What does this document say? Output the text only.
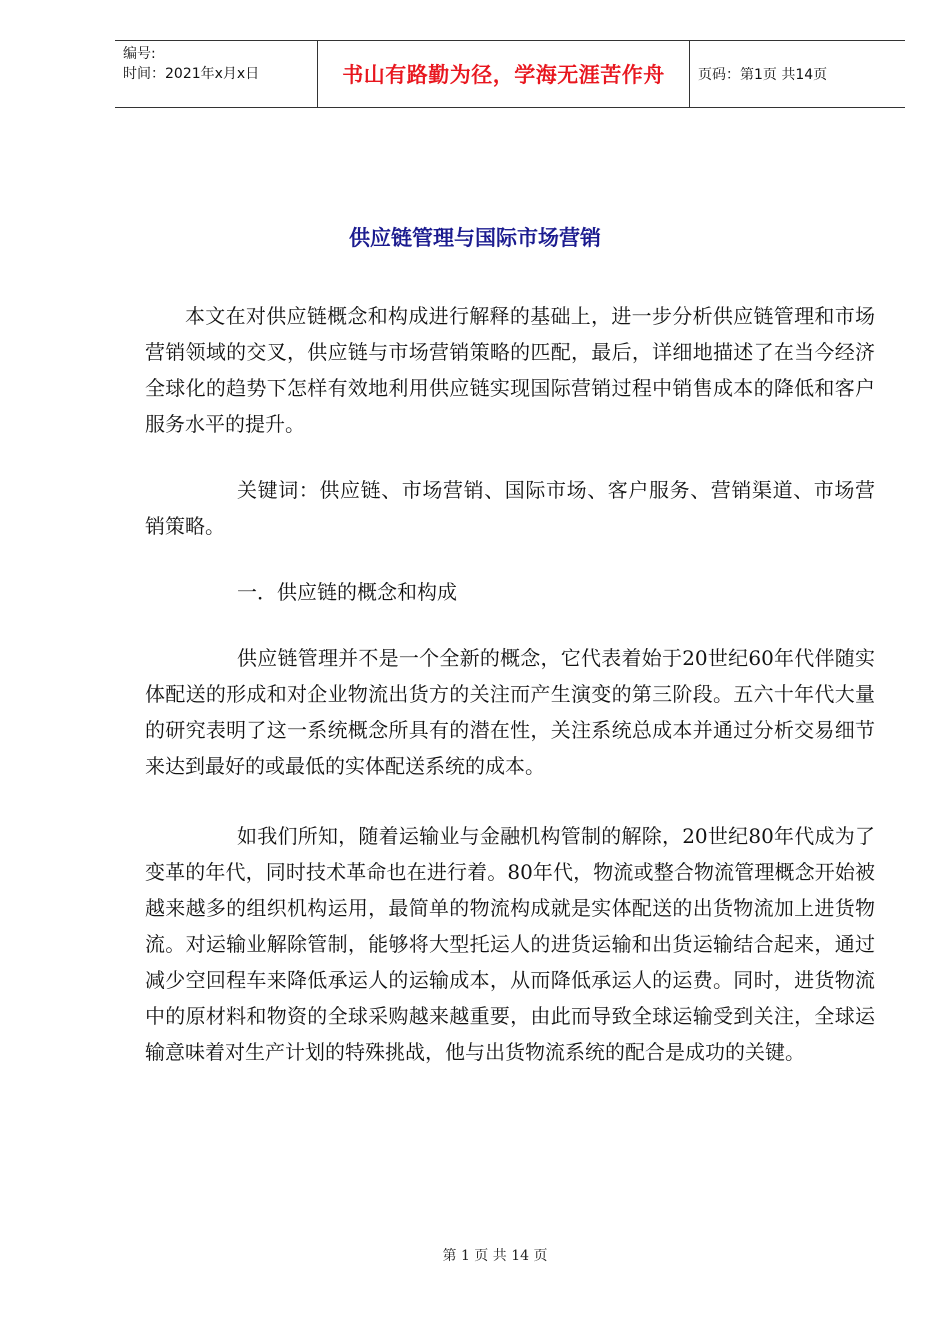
编号:
时间：2021年x月x日	书山有路勤为径，学海无涯苦作舟	页码：第1页 共14页
供应链管理与国际市场营销

本文在对供应链概念和构成进行解释的基础上，进一步分析供应链管理和市场营销领域的交叉，供应链与市场营销策略的匹配，最后，详细地描述了在当今经济全球化的趋势下怎样有效地利用供应链实现国际营销过程中销售成本的降低和客户服务水平的提升。

关键词：供应链、市场营销、国际市场、客户服务、营销渠道、市场营销策略。

一．供应链的概念和构成

供应链管理并不是一个全新的概念，它代表着始于20世纪60年代伴随实体配送的形成和对企业物流出货方的关注而产生演变的第三阶段。五六十年代大量的研究表明了这一系统概念所具有的潜在性，关注系统总成本并通过分析交易细节来达到最好的或最低的实体配送系统的成本。

如我们所知，随着运输业与金融机构管制的解除，20世纪80年代成为了变革的年代，同时技术革命也在进行着。80年代，物流或整合物流管理概念开始被越来越多的组织机构运用，最简单的物流构成就是实体配送的出货物流加上进货物流。对运输业解除管制，能够将大型托运人的进货运输和出货运输结合起来，通过减少空回程车来降低承运人的运输成本，从而降低承运人的运费。同时，进货物流中的原材料和物资的全球采购越来越重要，由此而导致全球运输受到关注，全球运输意味着对生产计划的特殊挑战，他与出货物流系统的配合是成功的关键。

第 1 页 共 14 页
